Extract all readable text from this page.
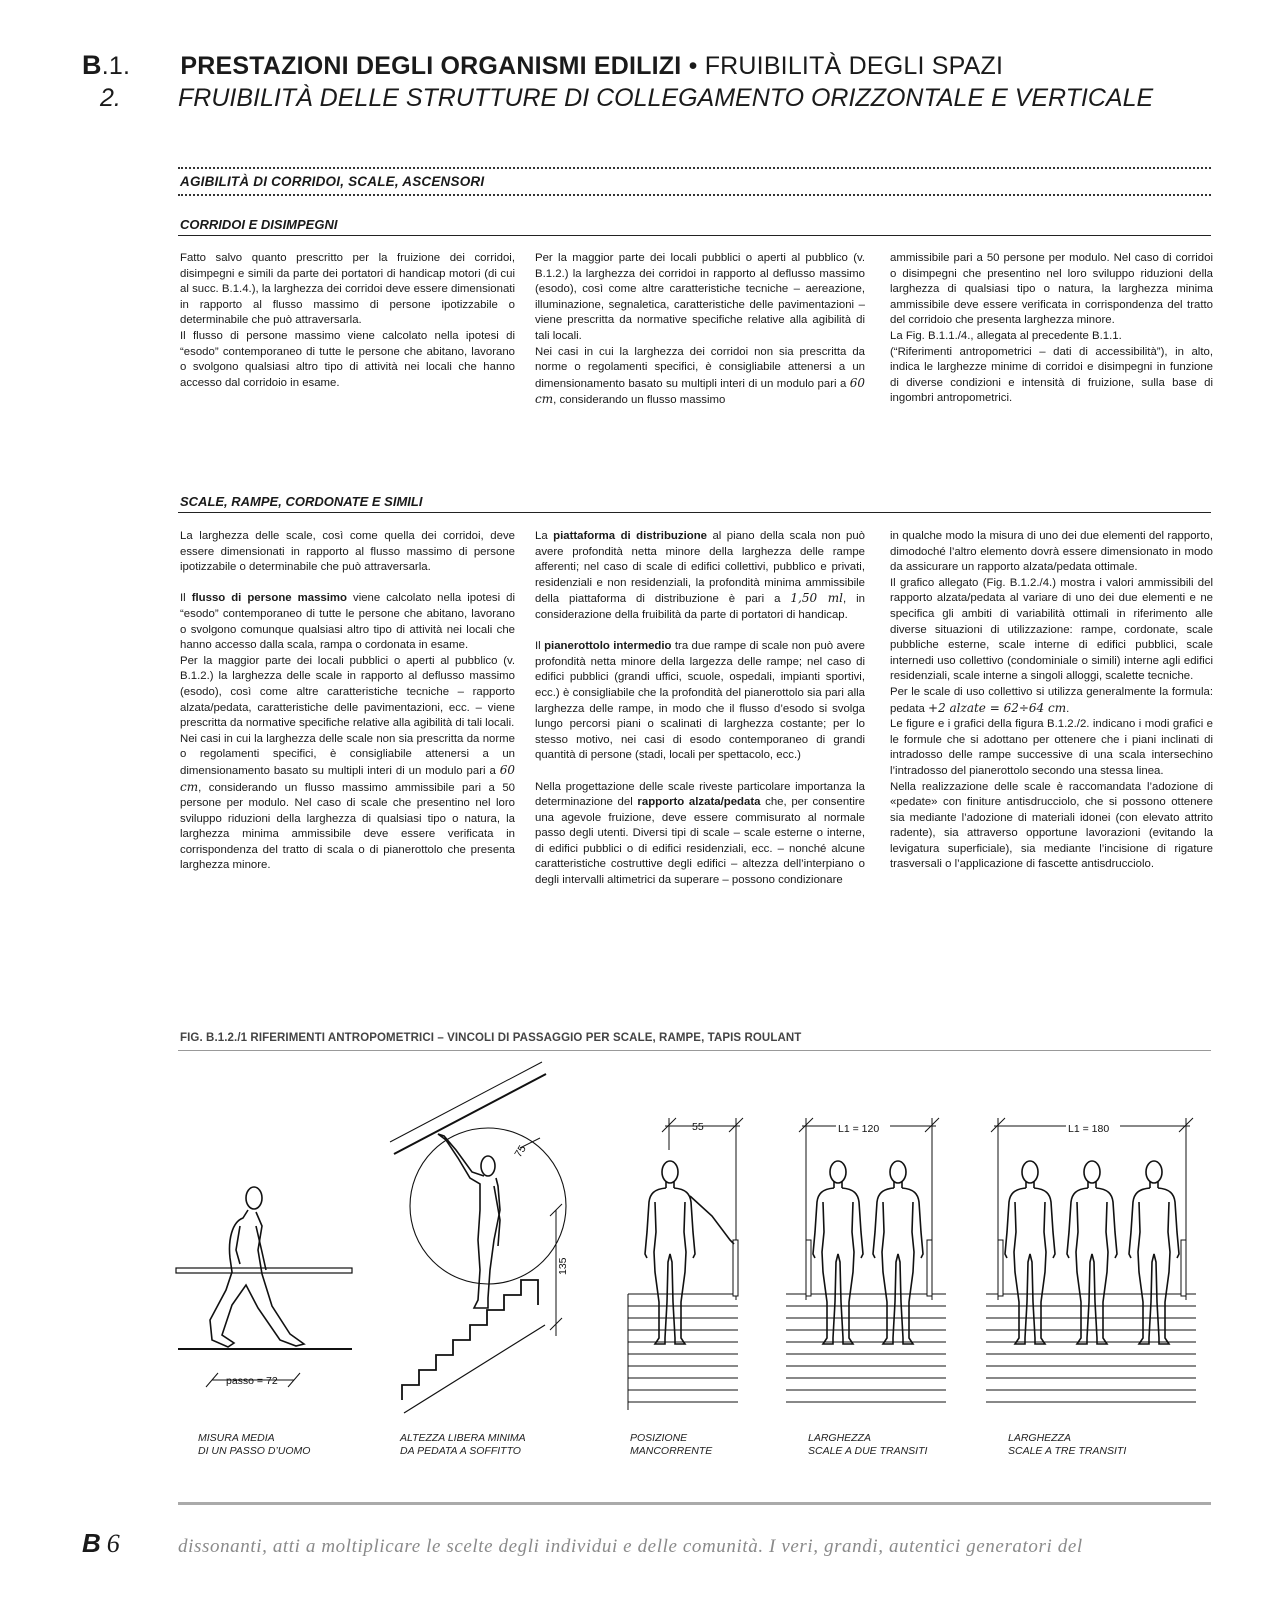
B.1. PRESTAZIONI DEGLI ORGANISMI EDILIZI • FRUIBILITÀ DEGLI SPAZI
2. FRUIBILITÀ DELLE STRUTTURE DI COLLEGAMENTO ORIZZONTALE E VERTICALE
AGIBILITÀ DI CORRIDOI, SCALE, ASCENSORI
CORRIDOI E DISIMPEGNI

Fatto salvo quanto prescritto per la fruizione dei corridoi, disimpegni e simili da parte dei portatori di handicap motori (di cui al succ. B.1.4.), la larghezza dei corridoi deve essere dimensionati in rapporto al flusso massimo di persone ipotizzabile o determinabile che può attraversarla.

Il flusso di persone massimo viene calcolato nella ipotesi di “esodo” contemporaneo di tutte le persone che abitano, lavorano o svolgono qualsiasi altro tipo di attività nei locali che hanno accesso dal corridoio in esame.

Per la maggior parte dei locali pubblici o aperti al pubblico (v. B.1.2.) la larghezza dei corridoi in rapporto al deflusso massimo (esodo), così come altre caratteristiche tecniche – aereazione, illuminazione, segnaletica, caratteristiche delle pavimentazioni – viene prescritta da normative specifiche relative alla agibilità di tali locali.

Nei casi in cui la larghezza dei corridoi non sia prescritta da norme o regolamenti specifici, è consigliabile attenersi a un dimensionamento basato su multipli interi di un modulo pari a 60 cm, considerando un flusso massimo

ammissibile pari a 50 persone per modulo. Nel caso di corridoi o disimpegni che presentino nel loro sviluppo riduzioni della larghezza di qualsiasi tipo o natura, la larghezza minima ammissibile deve essere verificata in corrispondenza del tratto del corridoio che presenta larghezza minore.

La Fig. B.1.1./4., allegata al precedente B.1.1.

(“Riferimenti antropometrici – dati di accessibilità”), in alto, indica le larghezze minime di corridoi e disimpegni in funzione di diverse condizioni e intensità di fruizione, sulla base di ingombri antropometrici.

SCALE, RAMPE, CORDONATE E SIMILI

La larghezza delle scale, così come quella dei corridoi, deve essere dimensionati in rapporto al flusso massimo di persone ipotizzabile o determinabile che può attraversarla.

Il flusso di persone massimo viene calcolato nella ipotesi di “esodo” contemporaneo di tutte le persone che abitano, lavorano o svolgono comunque qualsiasi altro tipo di attività nei locali che hanno accesso dalla scala, rampa o cordonata in esame.

Per la maggior parte dei locali pubblici o aperti al pubblico (v. B.1.2.) la larghezza delle scale in rapporto al deflusso massimo (esodo), così come altre caratteristiche tecniche – rapporto alzata/pedata, caratteristiche delle pavimentazioni, ecc. – viene prescritta da normative specifiche relative alla agibilità di tali locali.

Nei casi in cui la larghezza delle scale non sia prescritta da norme o regolamenti specifici, è consigliabile attenersi a un dimensionamento basato su multipli interi di un modulo pari a 60 cm, considerando un flusso massimo ammissibile pari a 50 persone per modulo. Nel caso di scale che presentino nel loro sviluppo riduzioni della larghezza di qualsiasi tipo o natura, la larghezza minima ammissibile deve essere verificata in corrispondenza del tratto di scala o di pianerottolo che presenta larghezza minore.

La piattaforma di distribuzione al piano della scala non può avere profondità netta minore della larghezza delle rampe afferenti; nel caso di scale di edifici collettivi, pubblico e privati, residenziali e non residenziali, la profondità minima ammissibile della piattaforma di distribuzione è pari a 1,50 ml, in considerazione della fruibilità da parte di portatori di handicap.

Il pianerottolo intermedio tra due rampe di scale non può avere profondità netta minore della largezza delle rampe; nel caso di edifici pubblici (grandi uffici, scuole, ospedali, impianti sportivi, ecc.) è consigliabile che la profondità del pianerottolo sia pari alla larghezza delle rampe, in modo che il flusso d’esodo si svolga lungo percorsi piani o scalinati di larghezza costante; per lo stesso motivo, nei casi di esodo contemporaneo di grandi quantità di persone (stadi, locali per spettacolo, ecc.)

Nella progettazione delle scale riveste particolare importanza la determinazione del rapporto alzata/pedata che, per consentire una agevole fruizione, deve essere commisurato al normale passo degli utenti. Diversi tipi di scale – scale esterne o interne, di edifici pubblici o di edifici residenziali, ecc. – nonché alcune caratteristiche costruttive degli edifici – altezza dell’interpiano o degli intervalli altimetrici da superare – possono condizionare

in qualche modo la misura di uno dei due elementi del rapporto, dimodoché l’altro elemento dovrà essere dimensionato in modo da assicurare un rapporto alzata/pedata ottimale.

Il grafico allegato (Fig. B.1.2./4.) mostra i valori ammissibili del rapporto alzata/pedata al variare di uno dei due elementi e ne specifica gli ambiti di variabilità ottimali in riferimento alle diverse situazioni di utilizzazione: rampe, cordonate, scale pubbliche esterne, scale interne di edifici pubblici, scale internedi uso collettivo (condominiale o simili) interne agli edifici residenziali, scale interne a singoli alloggi, scalette tecniche.

Per le scale di uso collettivo si utilizza generalmente la formula: pedata +2 alzate = 62÷64 cm.

Le figure e i grafici della figura B.1.2./2. indicano i modi grafici e le formule che si adottano per ottenere che i piani inclinati di intradosso delle rampe successive di una scala intersechino l’intradosso del pianerottolo secondo una stessa linea.

Nella realizzazione delle scale è raccomandata l’adozione di «pedate» con finiture antisdrucciolo, che si possono ottenere sia mediante l’adozione di materiali idonei (con elevato attrito radente), sia attraverso opportune lavorazioni (evitando la levigatura superficiale), sia mediante l’incisione di rigature trasversali o l’applicazione di fascette antisdrucciolo.

FIG. B.1.2./1 RIFERIMENTI ANTROPOMETRICI – VINCOLI DI PASSAGGIO PER SCALE, RAMPE, TAPIS ROULANT
passo = 72
75
135
55	L1 = 120	L1 = 180
MISURA MEDIA
DI UN PASSO D’UOMO
ALTEZZA LIBERA MINIMA
DA PEDATA A SOFFITTO
POSIZIONE
MANCORRENTE
LARGHEZZA
SCALE A DUE TRANSITI
LARGHEZZA
SCALE A TRE TRANSITI
B 6	dissonanti, atti a moltiplicare le scelte degli individui e delle comunità. I veri, grandi, autentici generatori del
